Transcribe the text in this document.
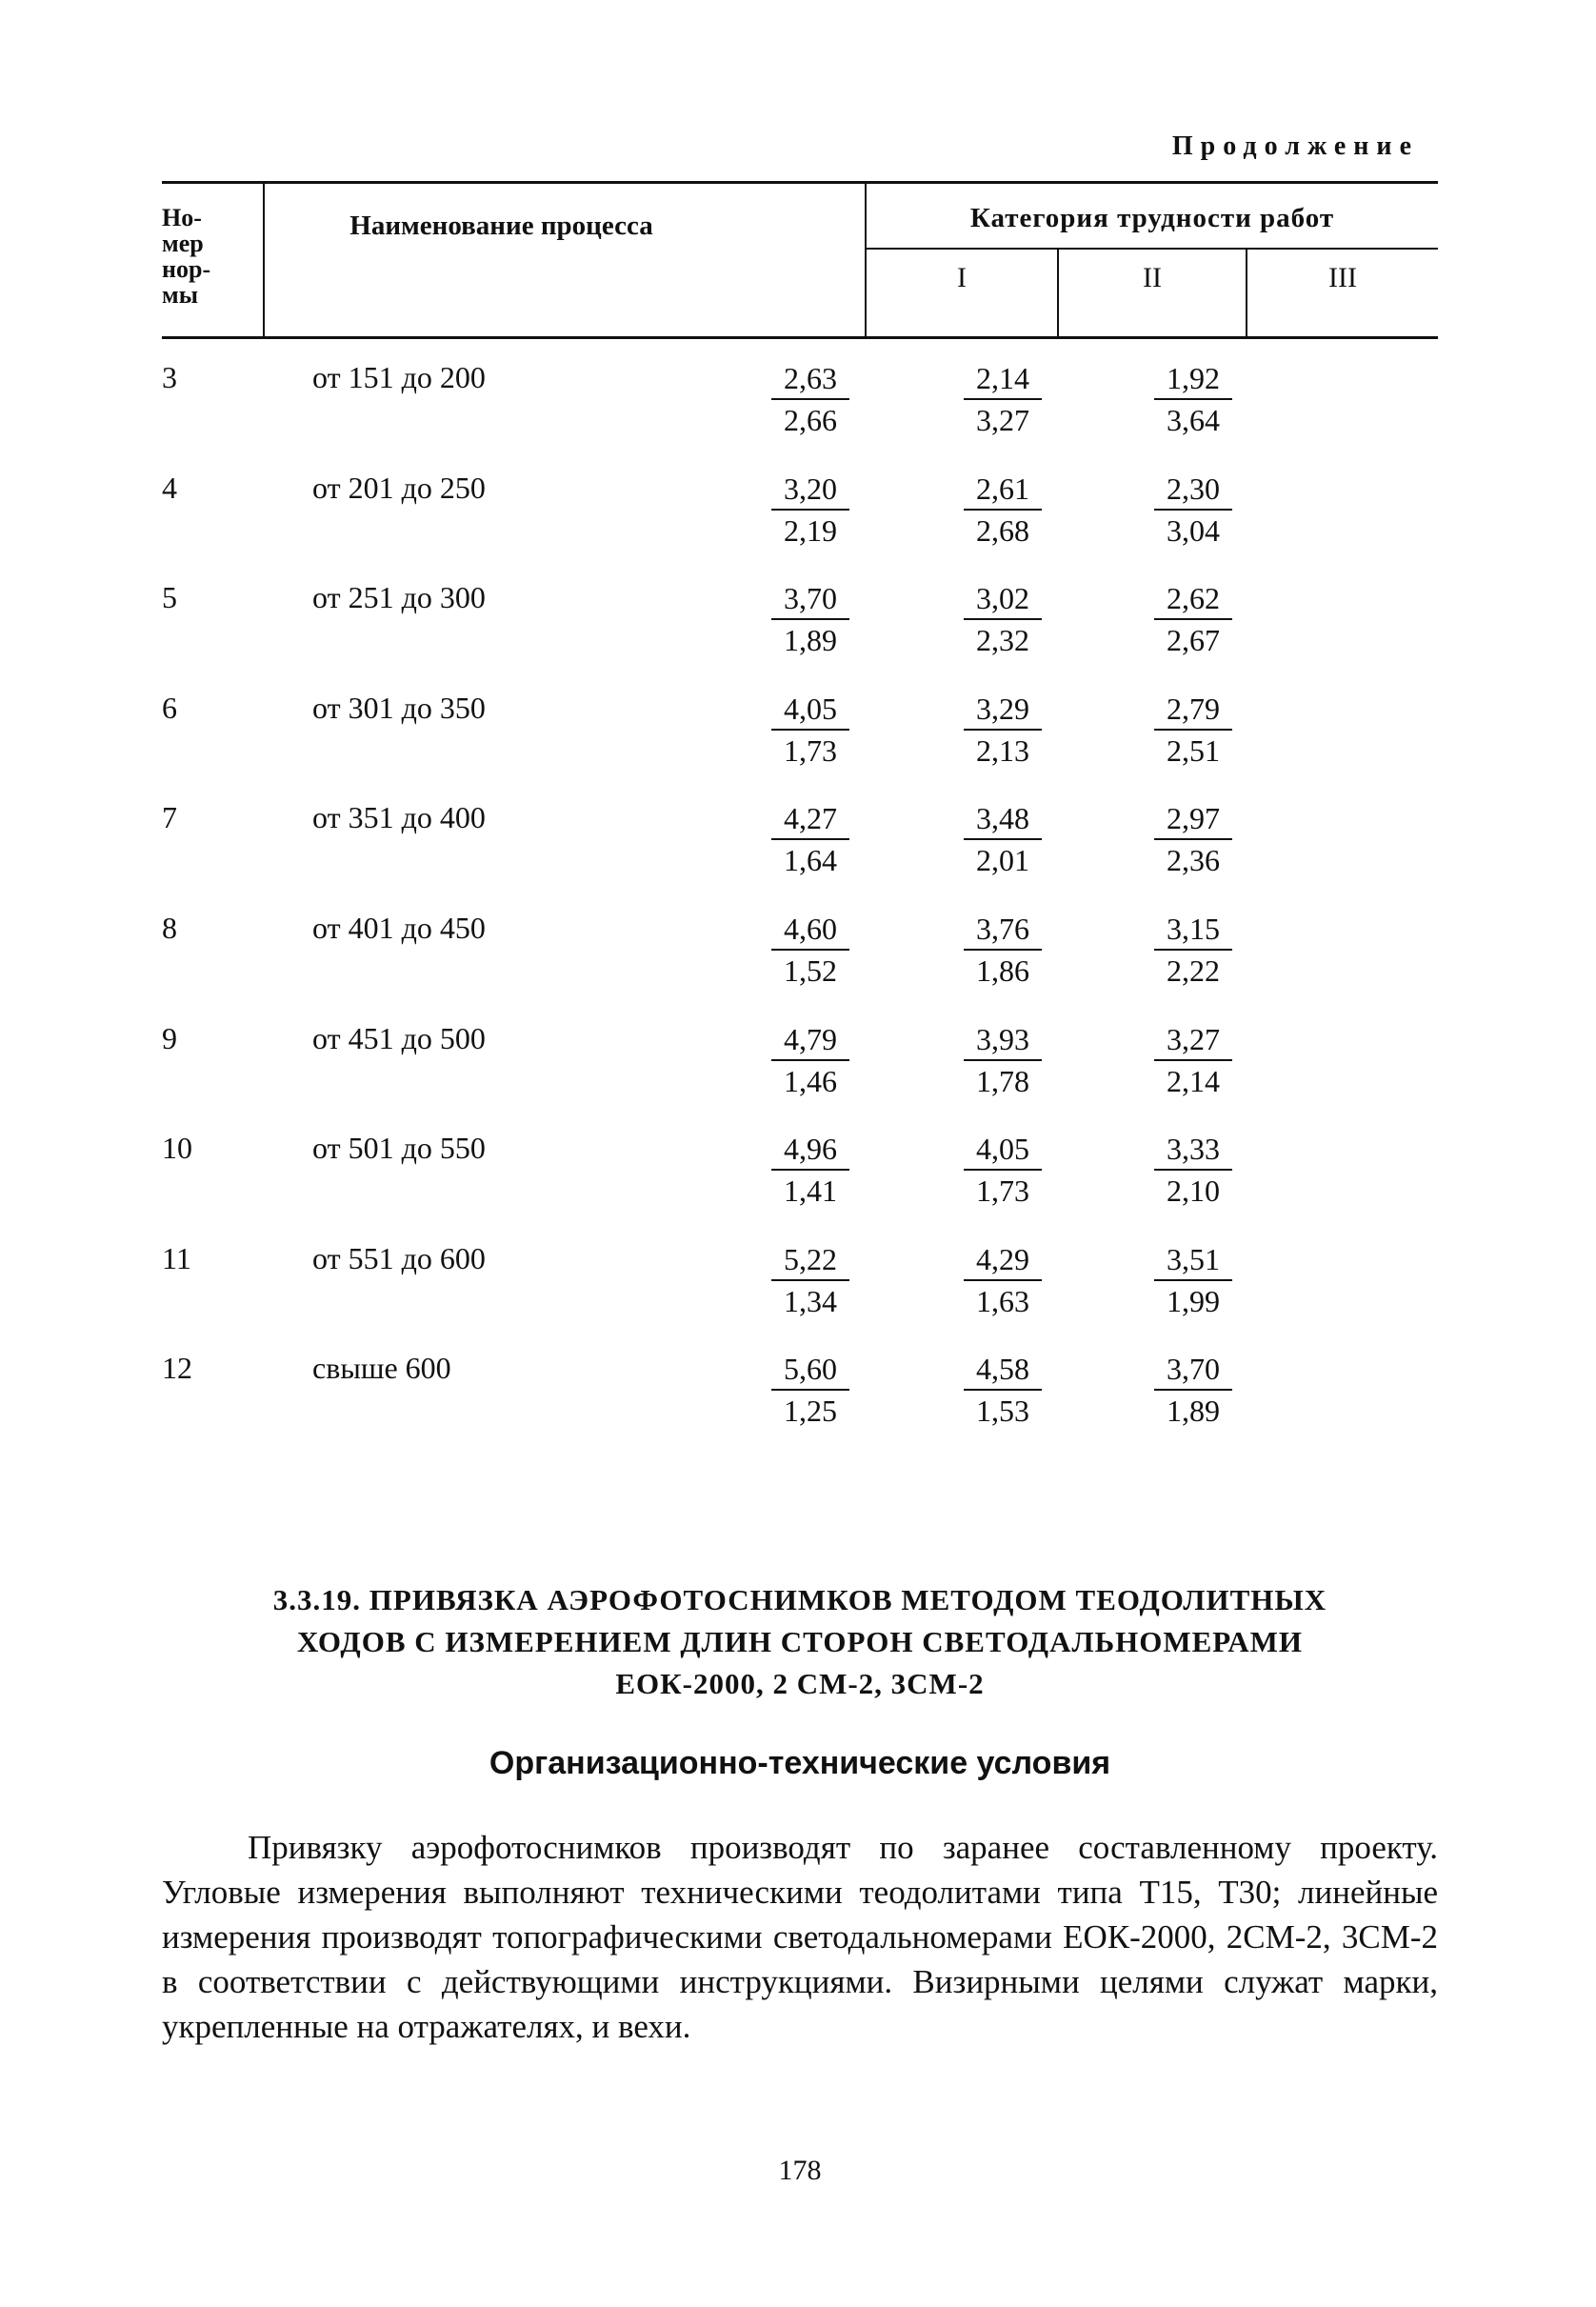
Продолжение
Но-
мер
нор-
мы
Наименование процесса	Категория трудности работ
I	II	III
3	от 151 до 200	$\frac{2,63}{2,66}$	$\frac{2,14}{3,27}$	$\frac{1,92}{3,64}$
4	от 201 до 250	$\frac{3,20}{2,19}$	$\frac{2,61}{2,68}$	$\frac{2,30}{3,04}$
5	от 251 до 300	$\frac{3,70}{1,89}$	$\frac{3,02}{2,32}$	$\frac{2,62}{2,67}$
6	от 301 до 350	$\frac{4,05}{1,73}$	$\frac{3,29}{2,13}$	$\frac{2,79}{2,51}$
7	от 351 до 400	$\frac{4,27}{1,64}$	$\frac{3,48}{2,01}$	$\frac{2,97}{2,36}$
8	от 401 до 450	$\frac{4,60}{1,52}$	$\frac{3,76}{1,86}$	$\frac{3,15}{2,22}$
9	от 451 до 500	$\frac{4,79}{1,46}$	$\frac{3,93}{1,78}$	$\frac{3,27}{2,14}$
10	от 501 до 550	$\frac{4,96}{1,41}$	$\frac{4,05}{1,73}$	$\frac{3,33}{2,10}$
11	от 551 до 600	$\frac{5,22}{1,34}$	$\frac{4,29}{1,63}$	$\frac{3,51}{1,99}$
12	свыше 600	$\frac{5,60}{1,25}$	$\frac{4,58}{1,53}$	$\frac{3,70}{1,89}$
3.3.19. ПРИВЯЗКА АЭРОФОТОСНИМКОВ МЕТОДОМ ТЕОДОЛИТНЫХ
ХОДОВ С ИЗМЕРЕНИЕМ ДЛИН СТОРОН СВЕТОДАЛЬНОМЕРАМИ
ЕОК-2000, 2 СМ-2, 3СМ-2
Организационно-технические условия
Привязку аэрофотоснимков производят по заранее составленному проекту. Угловые измерения выполняют техническими теодолитами типа Т15, Т30; линейные измерения производят топографическими светодальномерами ЕОК-2000, 2СМ-2, 3СМ-2 в соответствии с действующими инструкциями. Визирными целями служат марки, укрепленные на отражателях, и вехи.
178
